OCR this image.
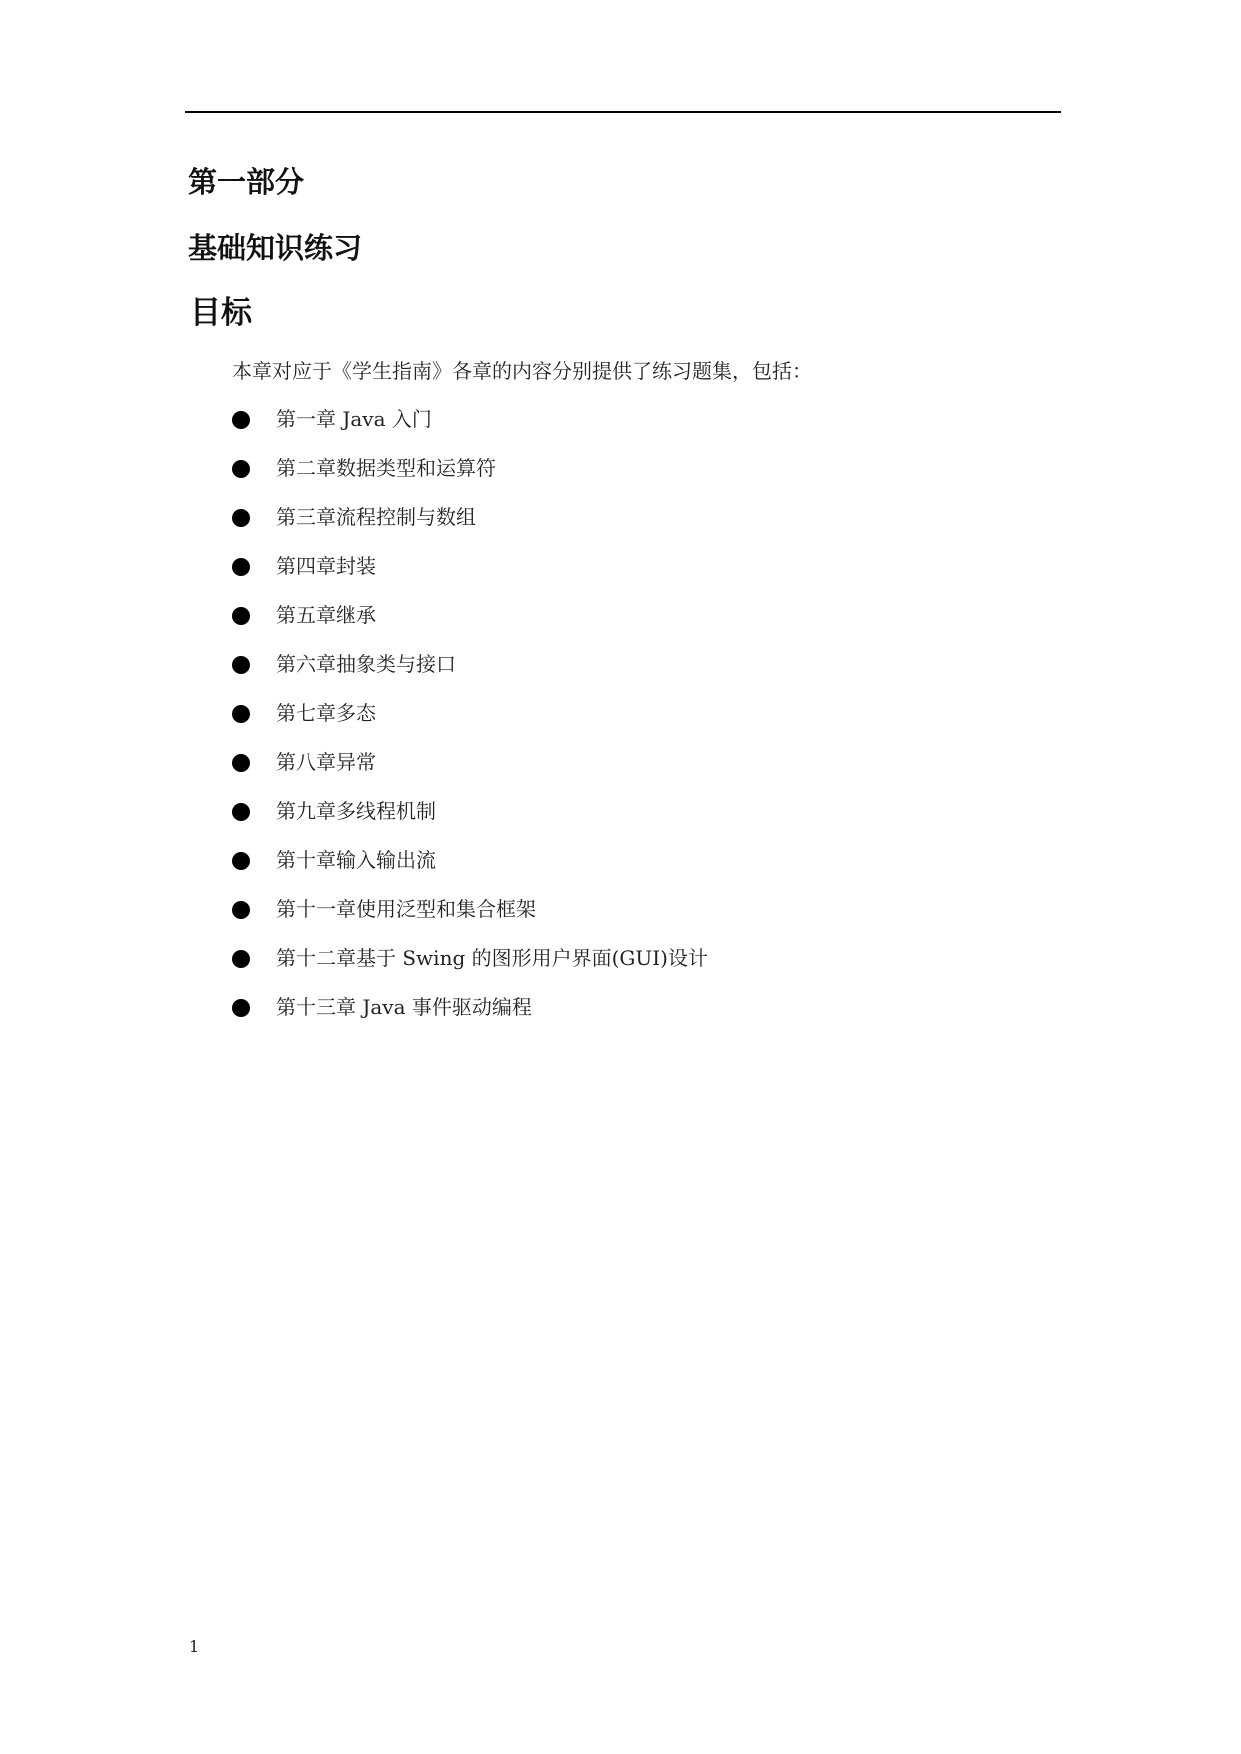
第一部分
基础知识练习
目标

本章对应于《学生指南》各章的内容分别提供了练习题集，包括：

第一章 Java 入门
第二章数据类型和运算符
第三章流程控制与数组
第四章封装
第五章继承
第六章抽象类与接口
第七章多态
第八章异常
第九章多线程机制
第十章输入输出流
第十一章使用泛型和集合框架
第十二章基于 Swing 的图形用户界面(GUI)设计
第十三章 Java 事件驱动编程
1
